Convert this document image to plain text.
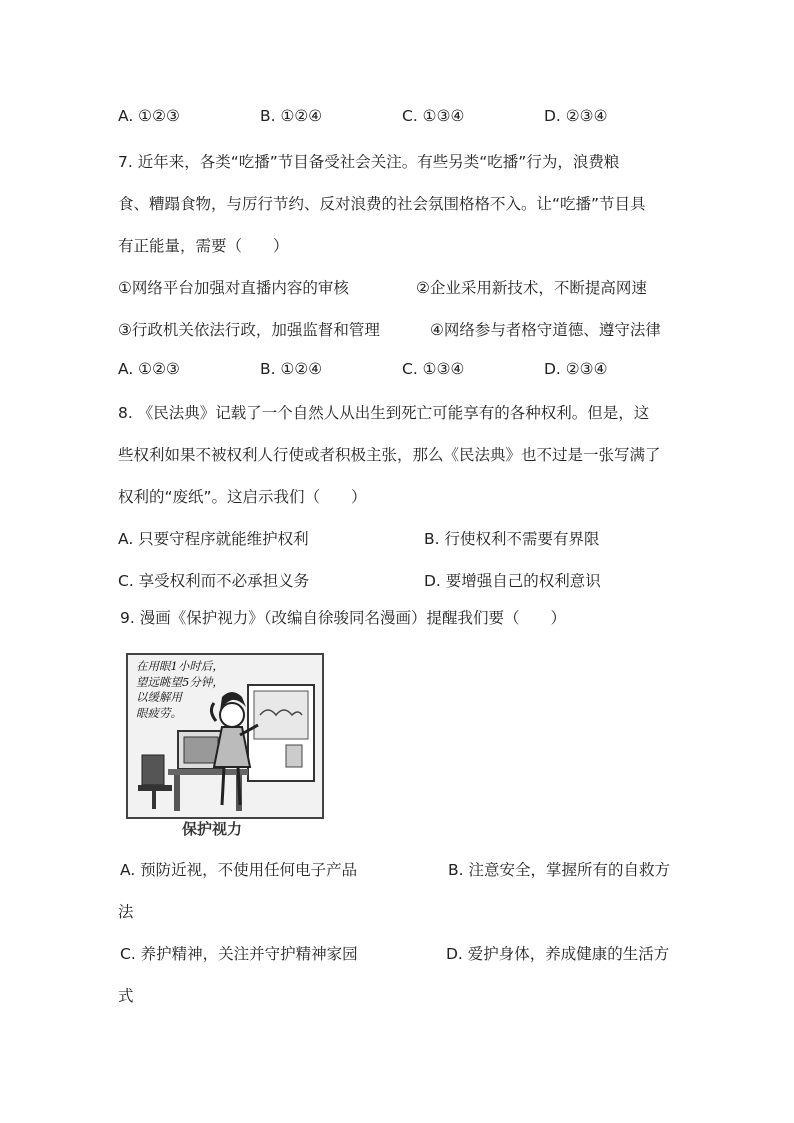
A. ①②③	B. ①②④	C. ①③④	D. ②③④
7. 近年来，各类“吃播”节目备受社会关注。有些另类“吃播”行为，浪费粮
食、糟蹋食物，与厉行节约、反对浪费的社会氛围格格不入。让“吃播”节目具
有正能量，需要（　　）
①网络平台加强对直播内容的审核	②企业采用新技术，不断提高网速
③行政机关依法行政，加强监督和管理	④网络参与者格守道德、遵守法律
A. ①②③	B. ①②④	C. ①③④	D. ②③④
8. 《民法典》记载了一个自然人从出生到死亡可能享有的各种权利。但是，这
些权利如果不被权利人行使或者积极主张，那么《民法典》也不过是一张写满了
权利的“废纸”。这启示我们（　　）
A. 只要守程序就能维护权利	B. 行使权利不需要有界限
C. 享受权利而不必承担义务	D. 要增强自己的权利意识
9. 漫画《保护视力》（改编自徐骏同名漫画）提醒我们要（　　）
在用眼1小时后，
望远眺望5分钟，
以缓解用
眼疲劳。
保护视力
A. 预防近视，不使用任何电子产品	B. 注意安全，掌握所有的自救方
法
C. 养护精神，关注并守护精神家园	D. 爱护身体，养成健康的生活方
式
